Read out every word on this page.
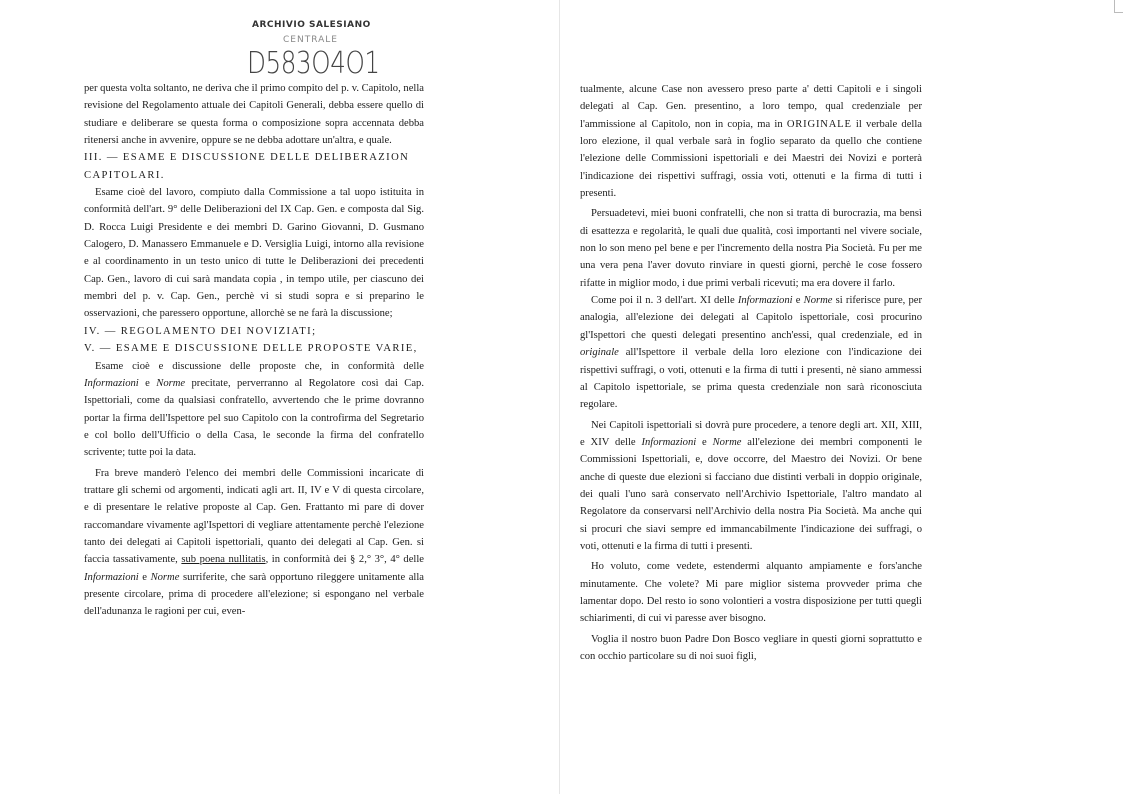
ARCHIVIO SALESIANO
CENTRALE
D583O4O1

per questa volta soltanto, ne deriva che il primo compito del p. v. Capitolo, nella revisione del Regolamento attuale dei Capitoli Generali, debba essere quello di studiare e deliberare se questa forma o composizione sopra accennata debba ritenersi anche in avvenire, oppure se ne debba adottare un'altra, e quale.

III. — ESAME E DISCUSSIONE DELLE DELIBERAZION CAPITOLARI.

Esame cioè del lavoro, compiuto dalla Commissione a tal uopo istituita in conformità dell'art. 9° delle Deliberazioni del IX Cap. Gen. e composta dal Sig. D. Rocca Luigi Presidente e dei membri D. Garino Giovanni, D. Gusmano Calogero, D. Manassero Emmanuele e D. Versiglia Luigi, intorno alla revisione e al coordinamento in un testo unico di tutte le Deliberazioni dei precedenti Cap. Gen., lavoro di cui sarà mandata copia , in tempo utile, per ciascuno dei membri del p. v. Cap. Gen., perchè vi si studi sopra e si preparino le osservazioni, che paressero opportune, allorchè se ne farà la discussione;

IV. — REGOLAMENTO DEI NOVIZIATI;

V. — ESAME E DISCUSSIONE DELLE PROPOSTE VARIE,

Esame cioè e discussione delle proposte che, in conformità delle Informazioni e Norme precitate, perverranno al Regolatore così dai Cap. Ispettoriali, come da qualsiasi confratello, avvertendo che le prime dovranno portar la firma dell'Ispettore pel suo Capitolo con la controfirma del Segretario e col bollo dell'Ufficio o della Casa, le seconde la firma del confratello scrivente; tutte poi la data.

Fra breve manderò l'elenco dei membri delle Commissioni incaricate di trattare gli schemi od argomenti, indicati agli art. II, IV e V di questa circolare, e di presentare le relative proposte al Cap. Gen. Frattanto mi pare di dover raccomandare vivamente agl'Ispettori di vegliare attentamente perchè l'elezione tanto dei delegati ai Capitoli ispettoriali, quanto dei delegati al Cap. Gen. si faccia tassativamente, sub poena nullitatis, in conformità dei § 2,° 3°, 4° delle Informazioni e Norme surriferite, che sarà opportuno rileggere unitamente alla presente circolare, prima di procedere all'elezione; si espongano nel verbale dell'adunanza le ragioni per cui, even-

tualmente, alcune Case non avessero preso parte a' detti Capitoli e i singoli delegati al Cap. Gen. presentino, a loro tempo, qual credenziale per l'ammissione al Capitolo, non in copia, ma in ORIGINALE il verbale della loro elezione, il qual verbale sarà in foglio separato da quello che contiene l'elezione delle Commissioni ispettoriali e dei Maestri dei Novizi e porterà l'indicazione dei rispettivi suffragi, ossia voti, ottenuti e la firma di tutti i presenti.

Persuadetevi, miei buoni confratelli, che non si tratta di burocrazia, ma bensì di esattezza e regolarità, le quali due qualità, così importanti nel vivere sociale, non lo son meno pel bene e per l'incremento della nostra Pia Società. Fu per me una vera pena l'aver dovuto rinviare in questi giorni, perchè le cose fossero rifatte in miglior modo, i due primi verbali ricevuti; ma era dovere il farlo.

Come poi il n. 3 dell'art. XI delle Informazioni e Norme si riferisce pure, per analogia, all'elezione dei delegati al Capitolo ispettoriale, così procurino gl'Ispettori che questi delegati presentino anch'essi, qual credenziale, ed in originale all'Ispettore il verbale della loro elezione con l'indicazione dei rispettivi suffragi, o voti, ottenuti e la firma di tutti i presenti, nè siano ammessi al Capitolo ispettoriale, se prima questa credenziale non sarà riconosciuta regolare.

Nei Capitoli ispettoriali si dovrà pure procedere, a tenore degli art. XII, XIII, e XIV delle Informazioni e Norme all'elezione dei membri componenti le Commissioni Ispettoriali, e, dove occorre, del Maestro dei Novizi. Or bene anche di queste due elezioni si facciano due distinti verbali in doppio originale, dei quali l'uno sarà conservato nell'Archivio Ispettoriale, l'altro mandato al Regolatore da conservarsi nell'Archivio della nostra Pia Società. Ma anche qui si procuri che siavi sempre ed immancabilmente l'indicazione dei suffragi, o voti, ottenuti e la firma di tutti i presenti.

Ho voluto, come vedete, estendermi alquanto ampiamente e fors'anche minutamente. Che volete? Mi pare miglior sistema provveder prima che lamentar dopo. Del resto io sono volontieri a vostra disposizione per tutti quegli schiarimenti, di cui vi paresse aver bisogno.

Voglia il nostro buon Padre Don Bosco vegliare in questi giorni soprattutto e con occhio particolare su di noi suoi figli,
